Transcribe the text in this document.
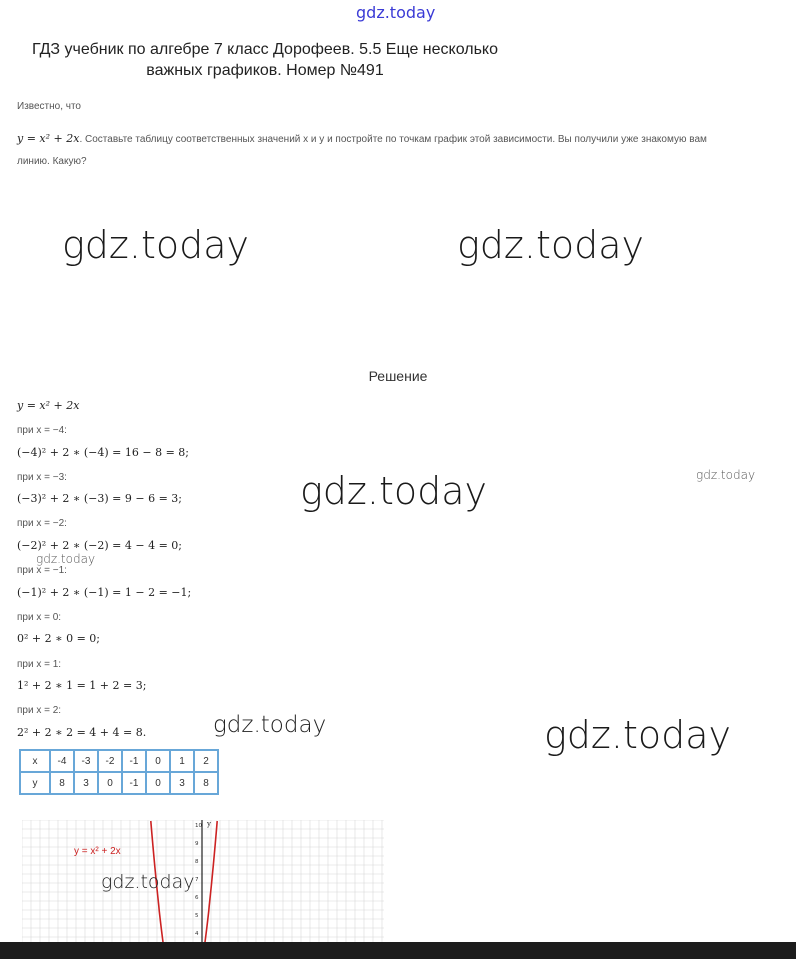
gdz.today
ГДЗ учебник по алгебре 7 класс Дорофеев. 5.5 Еще несколько
важных графиков. Номер №491
Известно, что
y = x² + 2x. Составьте таблицу соответственных значений x и y и постройте по точкам график этой зависимости. Вы получили уже знакомую вам
линию. Какую?
gdz.today	gdz.today
Решение
y = x² + 2x
при x = −4:
(−4)² + 2 ∗ (−4) = 16 − 8 = 8;
при x = −3:
(−3)² + 2 ∗ (−3) = 9 − 6 = 3;
при x = −2:
(−2)² + 2 ∗ (−2) = 4 − 4 = 0;
при x = −1:
(−1)² + 2 ∗ (−1) = 1 − 2 = −1;
при x = 0:
0² + 2 ∗ 0 = 0;
при x = 1:
1² + 2 ∗ 1 = 1 + 2 = 3;
при x = 2:
2² + 2 ∗ 2 = 4 + 4 = 8.
gdz.today
gdz.today
gdz.today
gdz.today	gdz.today
x	-4	-3	-2	-1	0	1	2
y	8	3	0	-1	0	3	8
y
10
9
8
7
6
5
4
y = x² + 2x
gdz.today
